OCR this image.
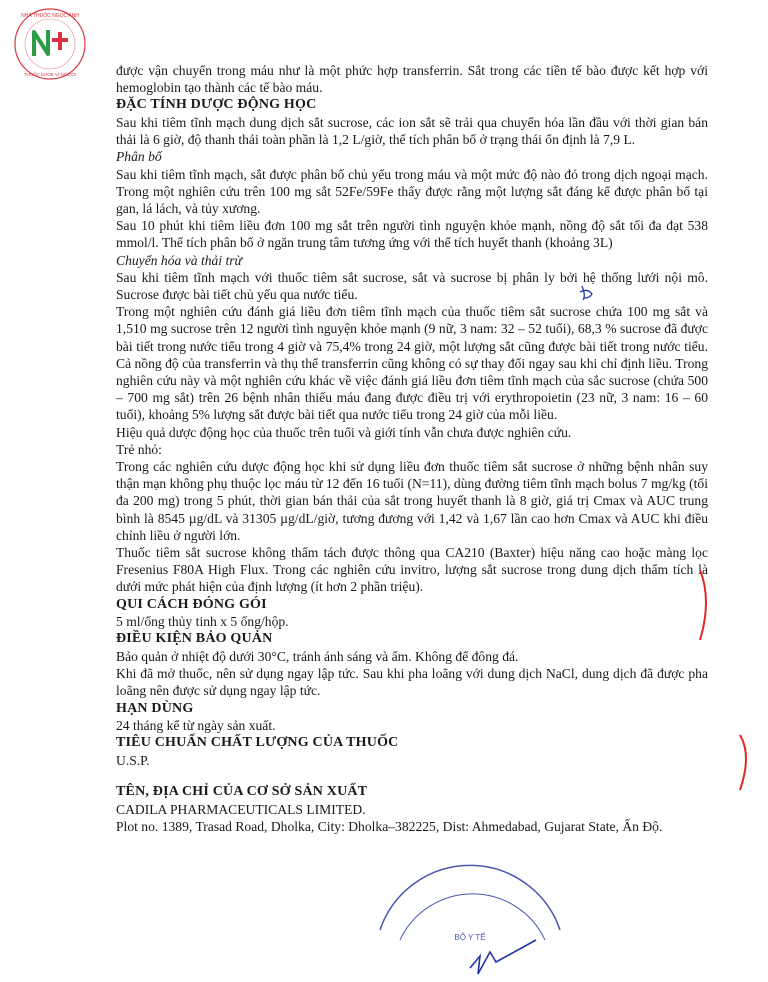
NHÀ THUỐC NGỌC ANH
THUỐC KHỎE VÌ NGƯỜI	được vận chuyển trong máu như là một phức hợp transferrin. Sắt trong các tiền tế bào được kết hợp với hemoglobin tạo thành các tế bào máu.

ĐẶC TÍNH DƯỢC ĐỘNG HỌC

Sau khi tiêm tĩnh mạch dung dịch sắt sucrose, các ion sắt sẽ trải qua chuyển hóa lần đầu với thời gian bán thải là 6 giờ, độ thanh thải toàn phần là 1,2 L/giờ, thể tích phân bố ở trạng thái ổn định là 7,9 L.

Phân bố

Sau khi tiêm tĩnh mạch, sắt được phân bố chủ yếu trong máu và một mức độ nào đó trong dịch ngoại mạch. Trong một nghiên cứu trên 100 mg sắt 52Fe/59Fe thấy được rằng một lượng sắt đáng kể được phân bố tại gan, lá lách, và tủy xương.

Sau 10 phút khi tiêm liều đơn 100 mg sắt trên người tình nguyện khỏe mạnh, nồng độ sắt tối đa đạt 538 mmol/l. Thể tích phân bố ở ngăn trung tâm tương ứng với thể tích huyết thanh (khoảng 3L)

Chuyển hóa và thải trừ

Sau khi tiêm tĩnh mạch với thuốc tiêm sắt sucrose, sắt và sucrose bị phân ly bởi hệ thống lưới nội mô. Sucrose được bài tiết chủ yếu qua nước tiểu.

Trong một nghiên cứu đánh giá liều đơn tiêm tĩnh mạch của thuốc tiêm sắt sucrose chứa 100 mg sắt và 1,510 mg sucrose trên 12 người tình nguyện khỏe mạnh (9 nữ, 3 nam: 32 – 52 tuổi), 68,3 % sucrose đã được bài tiết trong nước tiểu trong 4 giờ và 75,4% trong 24 giờ, một lượng sắt cũng được bài tiết trong nước tiểu. Cả nồng độ của transferrin và thụ thể transferrin cũng không có sự thay đổi ngay sau khi chỉ định liều. Trong nghiên cứu này và một nghiên cứu khác về việc đánh giá liều đơn tiêm tĩnh mạch của sắc sucrose (chứa 500 – 700 mg sắt) trên 26 bệnh nhân thiếu máu đang được điều trị với erythropoietin (23 nữ, 3 nam: 16 – 60 tuổi), khoảng 5% lượng sắt được bài tiết qua nước tiểu trong 24 giờ của mỗi liều.

Hiệu quả dược động học của thuốc trên tuổi và giới tính vẫn chưa được nghiên cứu.

Trẻ nhỏ:

Trong các nghiên cứu dược động học khi sử dụng liều đơn thuốc tiêm sắt sucrose ở những bệnh nhân suy thận mạn không phụ thuộc lọc máu từ 12 đến 16 tuổi (N=11), dùng đường tiêm tĩnh mạch bolus 7 mg/kg (tối đa 200 mg) trong 5 phút, thời gian bán thải của sắt trong huyết thanh là 8 giờ, giá trị Cmax và AUC trung bình là 8545 µg/dL và 31305 µg/dL/giờ, tương đương với 1,42 và 1,67 lần cao hơn Cmax và AUC khi điều chỉnh liều ở người lớn.

Thuốc tiêm sắt sucrose không thẩm tách được thông qua CA210 (Baxter) hiệu năng cao hoặc màng lọc Fresenius F80A High Flux. Trong các nghiên cứu invitro, lượng sắt sucrose trong dung dịch thẩm tích là dưới mức phát hiện của định lượng (ít hơn 2 phần triệu).

QUI CÁCH ĐÓNG GÓI

5 ml/ống thủy tinh x 5 ống/hộp.

ĐIỀU KIỆN BẢO QUẢN

Bảo quản ở nhiệt độ dưới 30°C, tránh ánh sáng và ẩm. Không để đông đá.

Khi đã mở thuốc, nên sử dụng ngay lập tức. Sau khi pha loãng với dung dịch NaCl, dung dịch đã được pha loãng nên được sử dụng ngay lập tức.

HẠN DÙNG

24 tháng kể từ ngày sản xuất.

TIÊU CHUẨN CHẤT LƯỢNG CỦA THUỐC

U.S.P.

TÊN, ĐỊA CHỈ CỦA CƠ SỞ SẢN XUẤT

CADILA PHARMACEUTICALS LIMITED.

Plot no. 1389, Trasad Road, Dholka, City: Dholka–382225, Dist: Ahmedabad, Gujarat State, Ấn Độ.

BỘ Y TẾ
